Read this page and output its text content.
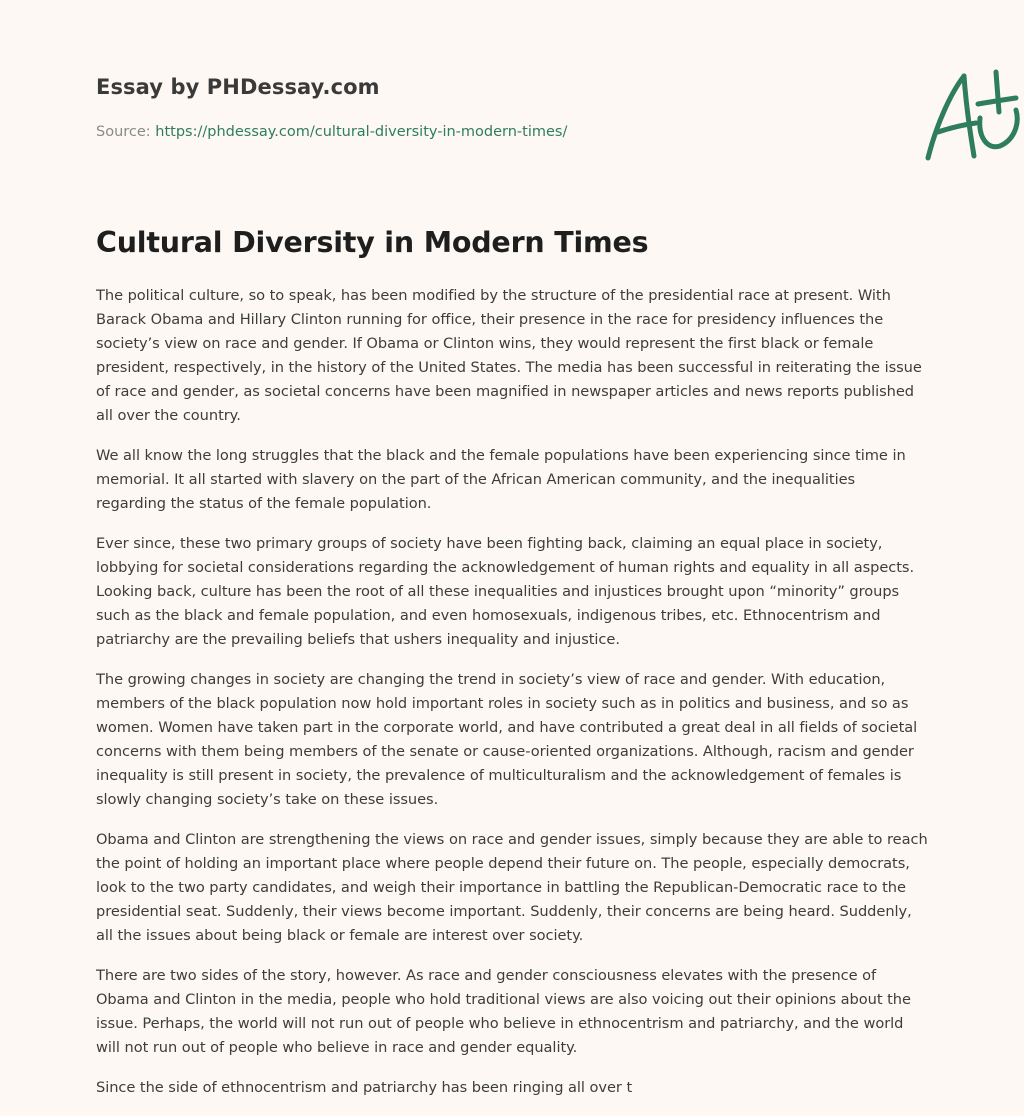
Essay by PHDessay.com
Source: https://phdessay.com/cultural-diversity-in-modern-times/
Cultural Diversity in Modern Times

The political culture, so to speak, has been modified by the structure of the presidential race at present. With Barack Obama and Hillary Clinton running for office, their presence in the race for presidency influences the society’s view on race and gender. If Obama or Clinton wins, they would represent the first black or female president, respectively, in the history of the United States. The media has been successful in reiterating the issue of race and gender, as societal concerns have been magnified in newspaper articles and news reports published all over the country.

We all know the long struggles that the black and the female populations have been experiencing since time in memorial. It all started with slavery on the part of the African American community, and the inequalities regarding the status of the female population.

Ever since, these two primary groups of society have been fighting back, claiming an equal place in society, lobbying for societal considerations regarding the acknowledgement of human rights and equality in all aspects. Looking back, culture has been the root of all these inequalities and injustices brought upon “minority” groups such as the black and female population, and even homosexuals, indigenous tribes, etc. Ethnocentrism and patriarchy are the prevailing beliefs that ushers inequality and injustice.

The growing changes in society are changing the trend in society’s view of race and gender. With education, members of the black population now hold important roles in society such as in politics and business, and so as women. Women have taken part in the corporate world, and have contributed a great deal in all fields of societal concerns with them being members of the senate or cause-oriented organizations. Although, racism and gender inequality is still present in society, the prevalence of multiculturalism and the acknowledgement of females is slowly changing society’s take on these issues.

Obama and Clinton are strengthening the views on race and gender issues, simply because they are able to reach the point of holding an important place where people depend their future on. The people, especially democrats, look to the two party candidates, and weigh their importance in battling the Republican-Democratic race to the presidential seat. Suddenly, their views become important. Suddenly, their concerns are being heard. Suddenly, all the issues about being black or female are interest over society.

There are two sides of the story, however. As race and gender consciousness elevates with the presence of Obama and Clinton in the media, people who hold traditional views are also voicing out their opinions about the issue. Perhaps, the world will not run out of people who believe in ethnocentrism and patriarchy, and the world will not run out of people who believe in race and gender equality.

Since the side of ethnocentrism and patriarchy has been ringing all over t
